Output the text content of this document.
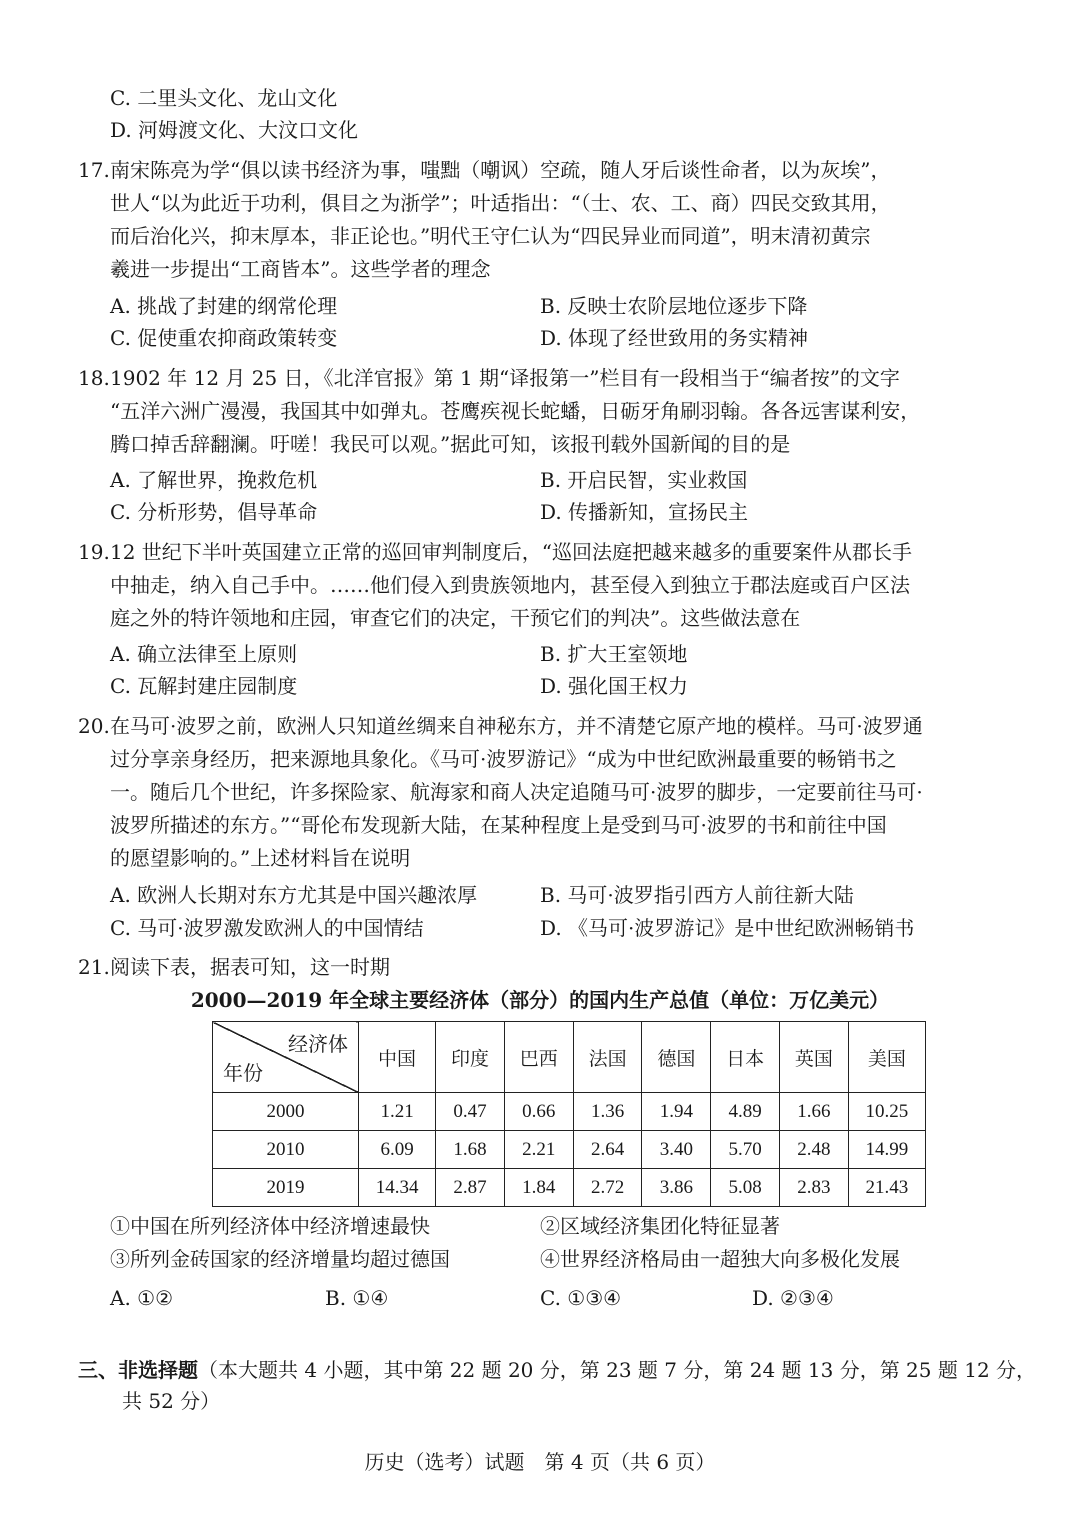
C. 二里头文化、龙山文化
D. 河姆渡文化、大汶口文化
17. 南宋陈亮为学“俱以读书经济为事，嗤黜（嘲讽）空疏，随人牙后谈性命者，以为灰埃”，
世人“以为此近于功利，俱目之为浙学”；叶适指出：“（士、农、工、商）四民交致其用，
而后治化兴，抑末厚本，非正论也。”明代王守仁认为“四民异业而同道”，明末清初黄宗
羲进一步提出“工商皆本”。这些学者的理念
A. 挑战了封建的纲常伦理	B. 反映士农阶层地位逐步下降
C. 促使重农抑商政策转变	D. 体现了经世致用的务实精神
18. 1902 年 12 月 25 日，《北洋官报》第 1 期“译报第一”栏目有一段相当于“编者按”的文字
“五洋六洲广漫漫，我国其中如弹丸。苍鹰疾视长蛇蟠，日砺牙角刷羽翰。各各远害谋利安，
腾口掉舌辞翻澜。吁嗟！我民可以观。”据此可知，该报刊载外国新闻的目的是
A. 了解世界，挽救危机	B. 开启民智，实业救国
C. 分析形势，倡导革命	D. 传播新知，宣扬民主
19. 12 世纪下半叶英国建立正常的巡回审判制度后，“巡回法庭把越来越多的重要案件从郡长手
中抽走，纳入自己手中。……他们侵入到贵族领地内，甚至侵入到独立于郡法庭或百户区法
庭之外的特许领地和庄园，审查它们的决定，干预它们的判决”。这些做法意在
A. 确立法律至上原则	B. 扩大王室领地
C. 瓦解封建庄园制度	D. 强化国王权力
20. 在马可·波罗之前，欧洲人只知道丝绸来自神秘东方，并不清楚它原产地的模样。马可·波罗通
过分享亲身经历，把来源地具象化。《马可·波罗游记》“成为中世纪欧洲最重要的畅销书之
一。随后几个世纪，许多探险家、航海家和商人决定追随马可·波罗的脚步，一定要前往马可·
波罗所描述的东方。”“哥伦布发现新大陆，在某种程度上是受到马可·波罗的书和前往中国
的愿望影响的。”上述材料旨在说明
A. 欧洲人长期对东方尤其是中国兴趣浓厚	B. 马可·波罗指引西方人前往新大陆
C. 马可·波罗激发欧洲人的中国情结	D. 《马可·波罗游记》是中世纪欧洲畅销书
21. 阅读下表，据表可知，这一时期
2000—2019 年全球主要经济体（部分）的国内生产总值（单位：万亿美元）
经济体
年份	中国	印度	巴西	法国	德国	日本	英国	美国
2000	1.21	0.47	0.66	1.36	1.94	4.89	1.66	10.25
2010	6.09	1.68	2.21	2.64	3.40	5.70	2.48	14.99
2019	14.34	2.87	1.84	2.72	3.86	5.08	2.83	21.43
①中国在所列经济体中经济增速最快	②区域经济集团化特征显著
③所列金砖国家的经济增量均超过德国	④世界经济格局由一超独大向多极化发展
A. ①②	B. ①④	C. ①③④	D. ②③④
三、非选择题（本大题共 4 小题，其中第 22 题 20 分，第 23 题 7 分，第 24 题 13 分，第 25 题 12 分，
共 52 分）
历史（选考）试题　第 4 页（共 6 页）
